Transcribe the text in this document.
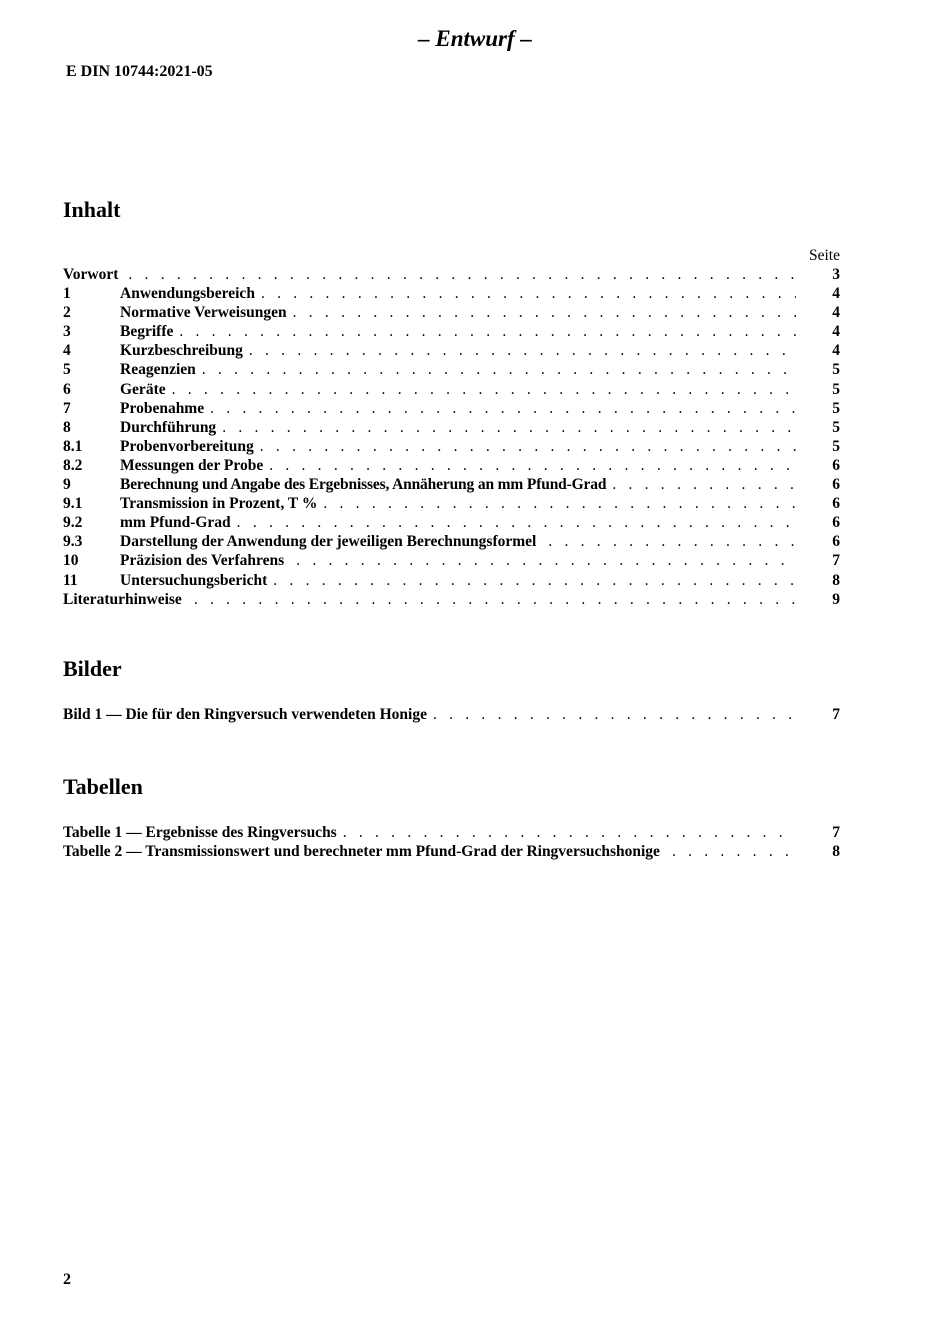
– Entwurf –
E DIN 10744:2021-05
Inhalt
Seite
Vorwort . . .	3
1	Anwendungsbereich . . .	4
2	Normative Verweisungen . . .	4
3	Begriffe . . .	4
4	Kurzbeschreibung . . .	4
5	Reagenzien . . .	5
6	Geräte . . .	5
7	Probenahme . . .	5
8	Durchführung . . .	5
8.1	Probenvorbereitung . . .	5
8.2	Messungen der Probe . . .	6
9	Berechnung und Angabe des Ergebnisses, Annäherung an mm Pfund-Grad . . .	6
9.1	Transmission in Prozent, T % . . .	6
9.2	mm Pfund-Grad . . .	6
9.3	Darstellung der Anwendung der jeweiligen Berechnungsformel . . .	6
10	Präzision des Verfahrens . . .	7
11	Untersuchungsbericht . . .	8
Literaturhinweise . . .	9
Bilder
Bild 1 — Die für den Ringversuch verwendeten Honige . . .	7
Tabellen
Tabelle 1 — Ergebnisse des Ringversuchs . . .	7
Tabelle 2 — Transmissionswert und berechneter mm Pfund-Grad der Ringversuchshonige . . .	8
2
